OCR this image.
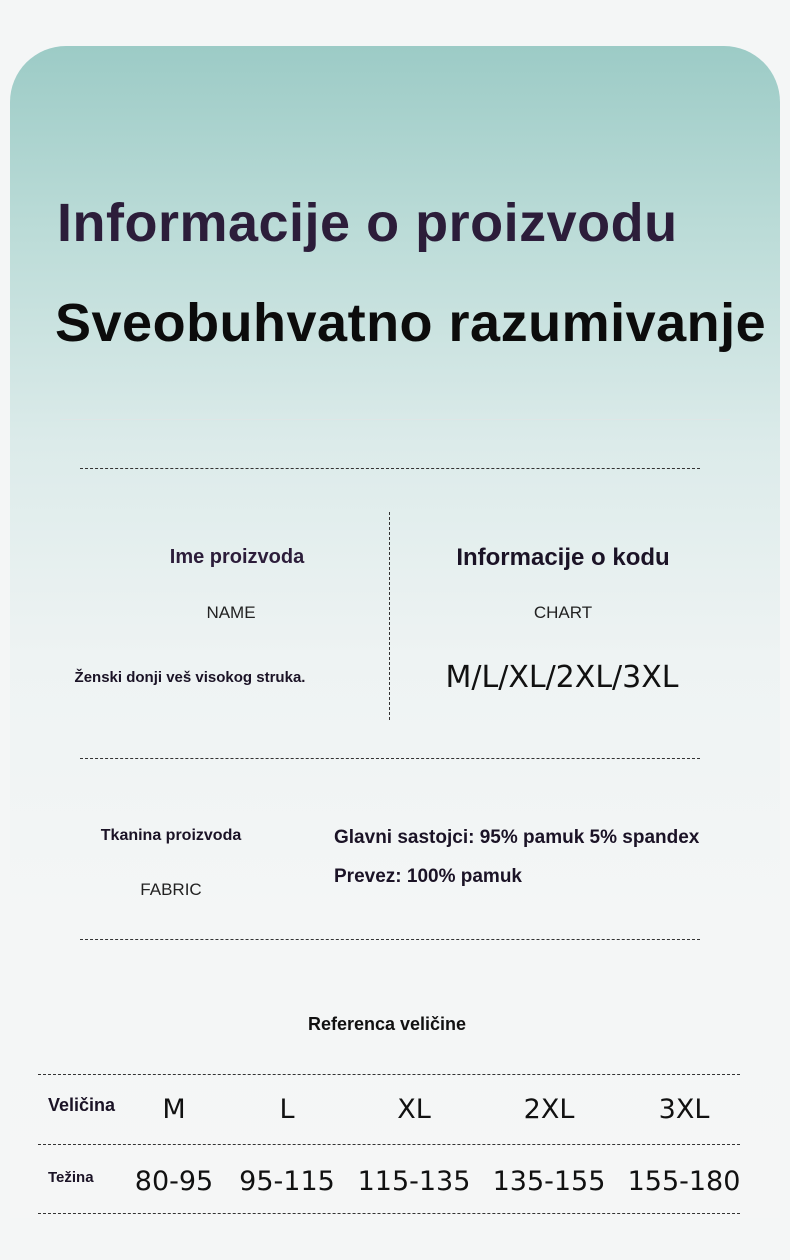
Informacije o proizvodu
Sveobuhvatno razumivanje

Ime proizvoda

NAME

Ženski donji veš visokog struka.

Informacije o kodu

CHART

M/L/XL/2XL/3XL

Tkanina proizvoda

FABRIC

Glavni sastojci: 95% pamuk 5% spandex

Prevez: 100% pamuk

Referenca veličine

Veličina M	L	XL	2XL	3XL

Težina 80-95 95-115 115-135 135-155 155-180
